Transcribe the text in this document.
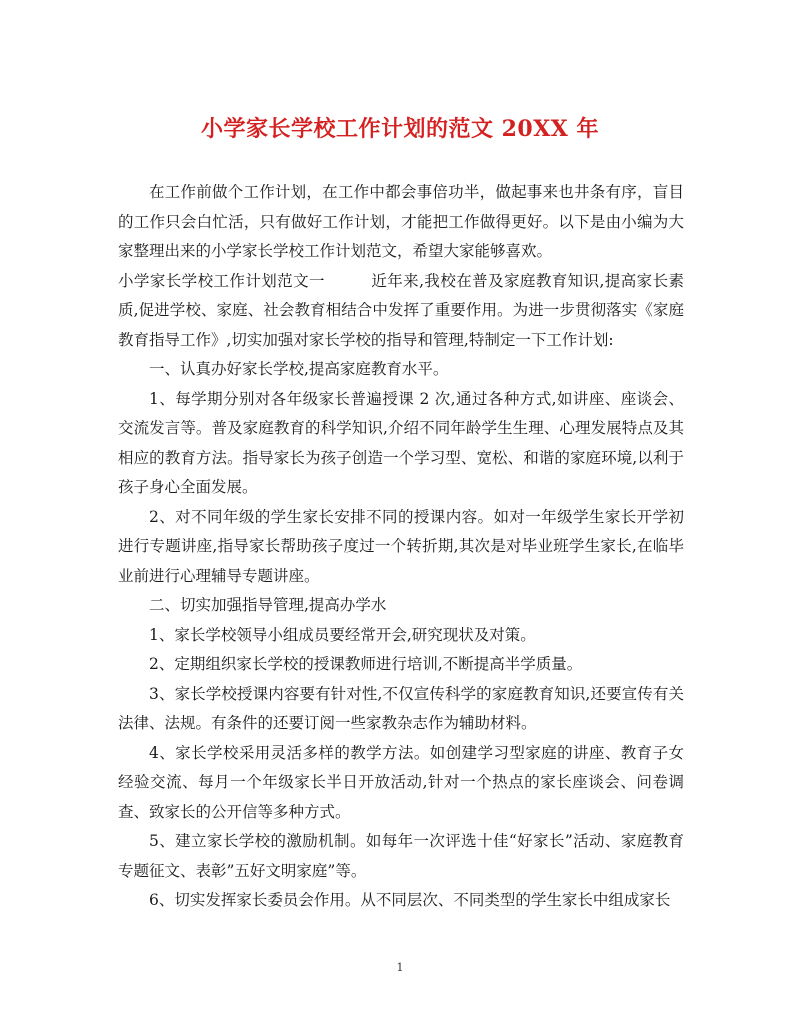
小学家长学校工作计划的范文 20XX 年

在工作前做个工作计划，在工作中都会事倍功半，做起事来也井条有序，盲目的工作只会白忙活，只有做好工作计划，才能把工作做得更好。以下是由小编为大家整理出来的小学家长学校工作计划范文，希望大家能够喜欢。

小学家长学校工作计划范文一	近年来,我校在普及家庭教育知识,提高家长素质,促进学校、家庭、社会教育相结合中发挥了重要作用。为进一步贯彻落实《家庭教育指导工作》,切实加强对家长学校的指导和管理,特制定一下工作计划:

一、认真办好家长学校,提高家庭教育水平。

1、每学期分别对各年级家长普遍授课 2 次,通过各种方式,如讲座、座谈会、交流发言等。普及家庭教育的科学知识,介绍不同年龄学生生理、心理发展特点及其相应的教育方法。指导家长为孩子创造一个学习型、宽松、和谐的家庭环境,以利于孩子身心全面发展。

2、对不同年级的学生家长安排不同的授课内容。如对一年级学生家长开学初进行专题讲座,指导家长帮助孩子度过一个转折期,其次是对毕业班学生家长,在临毕业前进行心理辅导专题讲座。

二、切实加强指导管理,提高办学水

1、家长学校领导小组成员要经常开会,研究现状及对策。

2、定期组织家长学校的授课教师进行培训,不断提高半学质量。

3、家长学校授课内容要有针对性,不仅宣传科学的家庭教育知识,还要宣传有关法律、法规。有条件的还要订阅一些家教杂志作为辅助材料。

4、家长学校采用灵活多样的教学方法。如创建学习型家庭的讲座、教育子女经验交流、每月一个年级家长半日开放活动,针对一个热点的家长座谈会、问卷调查、致家长的公开信等多种方式。

5、建立家长学校的激励机制。如每年一次评选十佳“好家长”活动、家庭教育专题征文、表彰”五好文明家庭”等。

6、切实发挥家长委员会作用。从不同层次、不同类型的学生家长中组成家长

1
